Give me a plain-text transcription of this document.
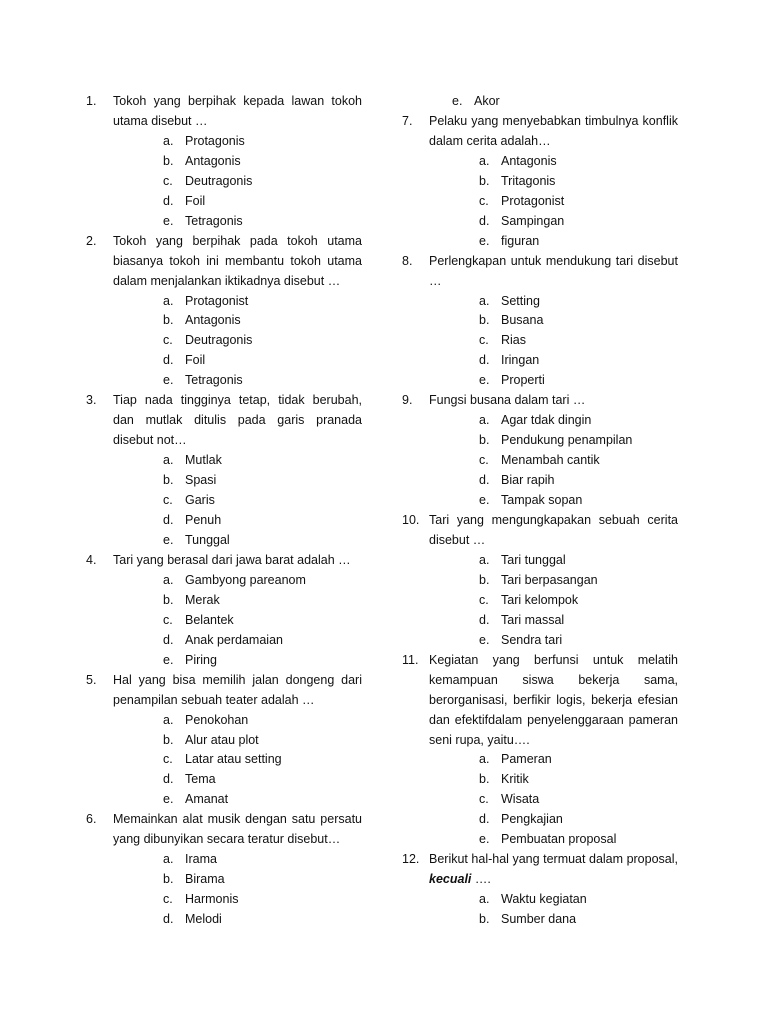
1.	Tokoh yang berpihak kepada lawan tokoh utama disebut …
a. Protagonis
b. Antagonis
c. Deutragonis
d. Foil
e. Tetragonis
2.	Tokoh yang berpihak pada tokoh utama biasanya tokoh ini membantu tokoh utama dalam menjalankan iktikadnya disebut …
a. Protagonist
b. Antagonis
c. Deutragonis
d. Foil
e. Tetragonis
3.	Tiap nada tingginya tetap, tidak berubah, dan mutlak ditulis pada garis pranada disebut not…
a. Mutlak
b. Spasi
c. Garis
d. Penuh
e. Tunggal
4.	Tari yang berasal dari jawa barat adalah …
a. Gambyong pareanom
b. Merak
c. Belantek
d. Anak perdamaian
e. Piring
5.	Hal yang bisa memilih jalan dongeng dari penampilan sebuah teater adalah …
a. Penokohan
b. Alur atau plot
c. Latar atau setting
d. Tema
e. Amanat
6.	Memainkan alat musik dengan satu persatu yang dibunyikan secara teratur disebut…
a. Irama
b. Birama
c. Harmonis
d. Melodi
e. Akor
7.	Pelaku yang menyebabkan timbulnya konflik dalam cerita adalah…
a. Antagonis
b. Tritagonis
c. Protagonist
d. Sampingan
e. figuran
8.	Perlengkapan untuk mendukung tari disebut …
a. Setting
b. Busana
c. Rias
d. Iringan
e. Properti
9.	Fungsi busana dalam tari …
a. Agar tdak dingin
b. Pendukung penampilan
c. Menambah cantik
d. Biar rapih
e. Tampak sopan
10. Tari yang mengungkapakan sebuah cerita disebut …
a. Tari tunggal
b. Tari berpasangan
c. Tari kelompok
d. Tari massal
e. Sendra tari
11. Kegiatan yang berfunsi untuk melatih kemampuan siswa bekerja sama, berorganisasi, berfikir logis, bekerja efesian dan efektifdalam penyelenggaraan pameran seni rupa, yaitu….
a. Pameran
b. Kritik
c. Wisata
d. Pengkajian
e. Pembuatan proposal
12. Berikut hal-hal yang termuat dalam proposal, kecuali ….
a. Waktu kegiatan
b. Sumber dana
